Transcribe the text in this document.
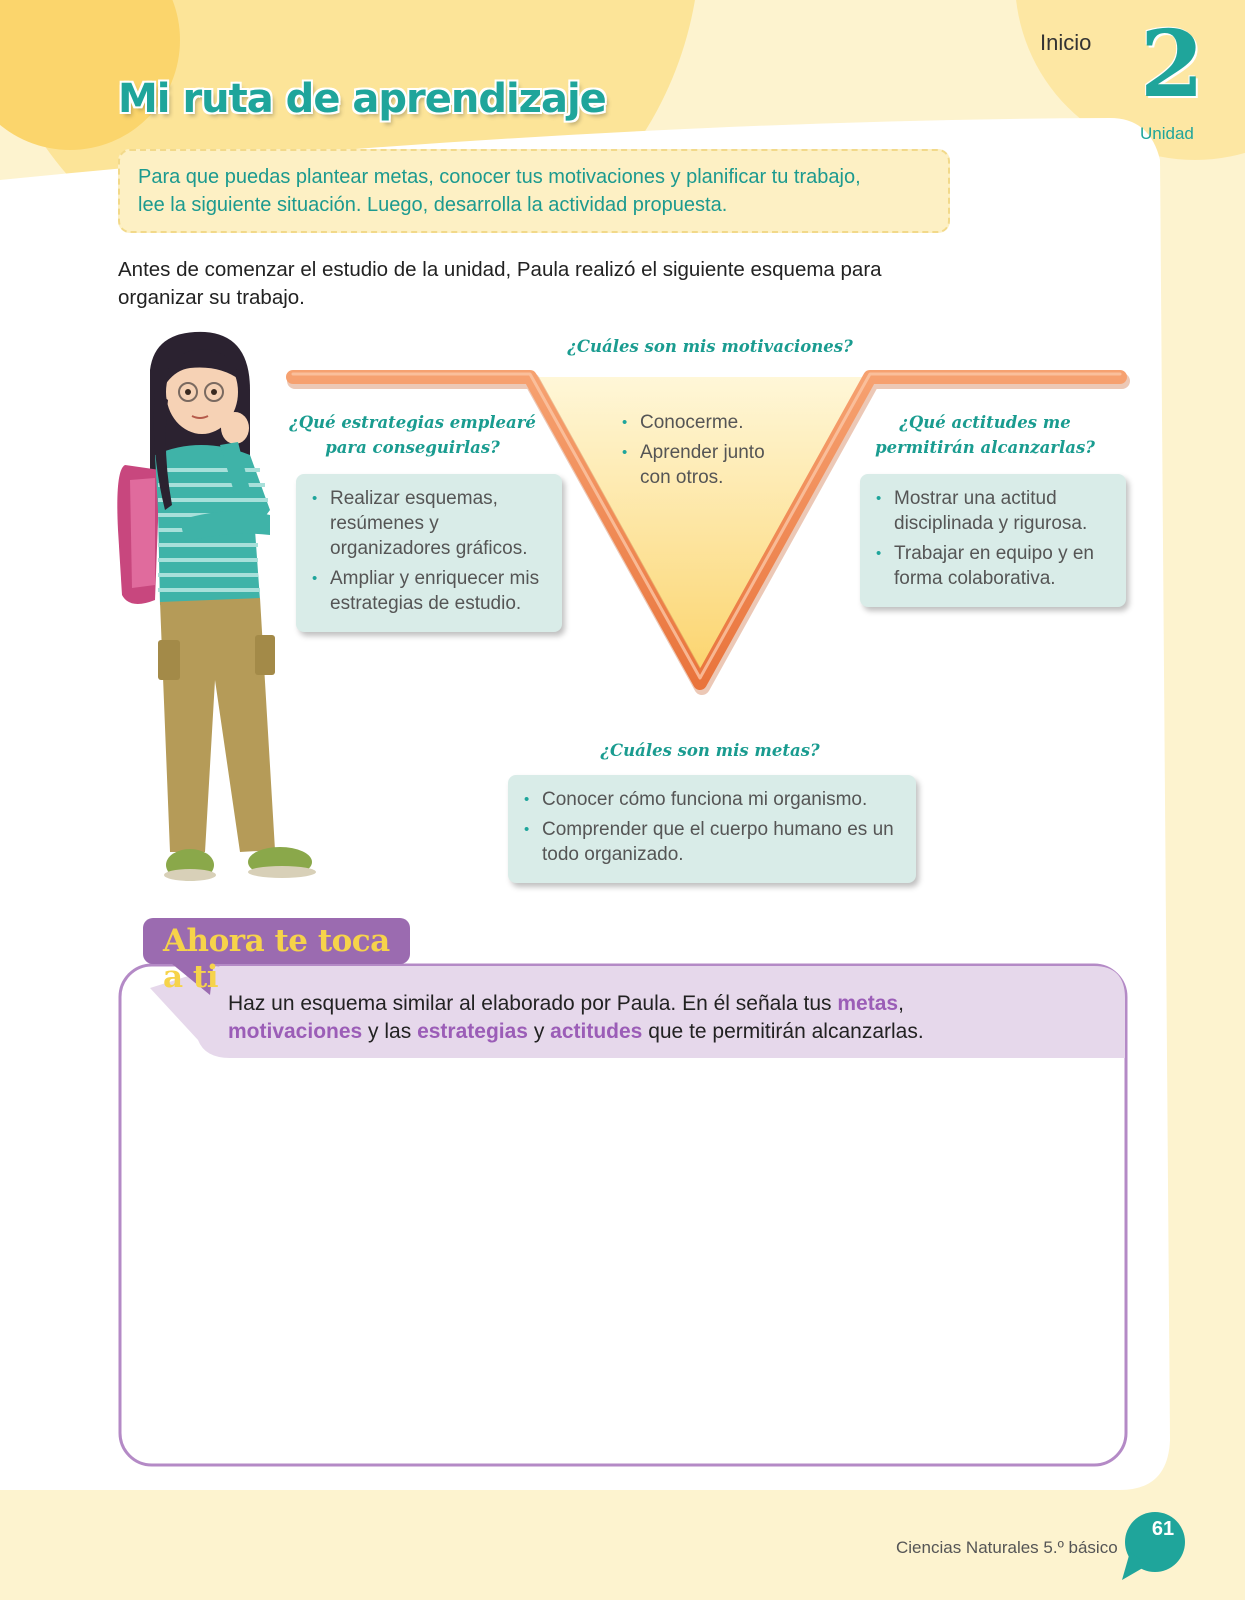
Inicio 2
Unidad
Mi ruta de aprendizaje
Para que puedas plantear metas, conocer tus motivaciones y planificar tu trabajo,
lee la siguiente situación. Luego, desarrolla la actividad propuesta.
Antes de comenzar el estudio de la unidad, Paula realizó el siguiente esquema para
organizar su trabajo.
¿Cuáles son mis motivaciones?
• Conocerme.
• Aprender junto con otros.
¿Qué estrategias emplearé
para conseguirlas?
• Realizar esquemas, resúmenes y organizadores gráficos.
• Ampliar y enriquecer mis estrategias de estudio.
¿Qué actitudes me
permitirán alcanzarlas?
• Mostrar una actitud disciplinada y rigurosa.
• Trabajar en equipo y en forma colaborativa.
¿Cuáles son mis metas?
• Conocer cómo funciona mi organismo.
• Comprender que el cuerpo humano es un todo organizado.
Ahora te toca a ti
Haz un esquema similar al elaborado por Paula. En él señala tus metas,
motivaciones y las estrategias y actitudes que te permitirán alcanzarlas.
Ciencias Naturales 5.º básico
61
